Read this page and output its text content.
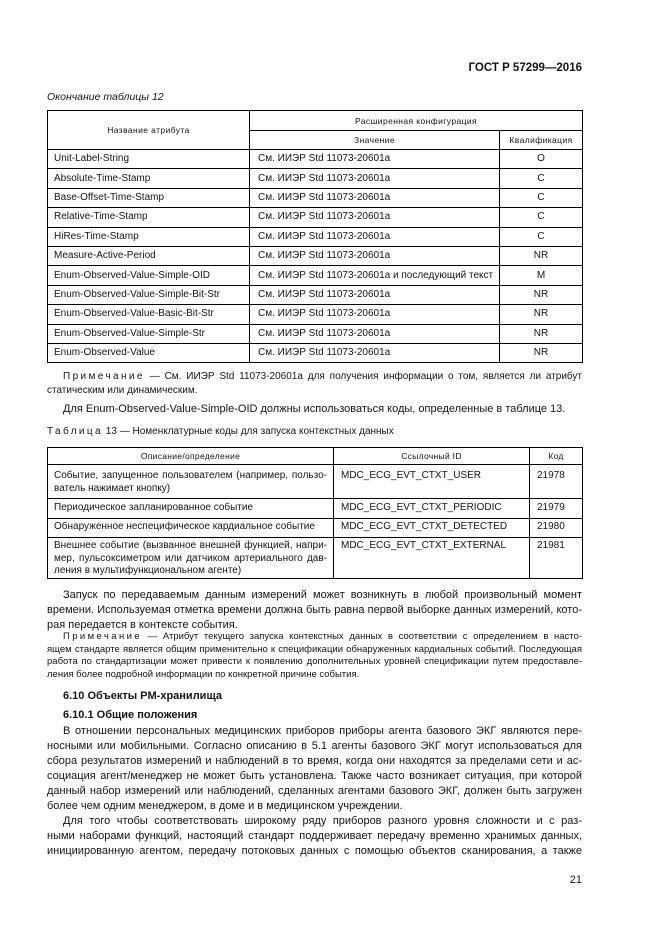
ГОСТ Р 57299—2016
Окончание таблицы 12
Название атрибута	Расширенная конфигурация	
	Значение	Квалификация
Unit-Label-String	См. ИИЭР Std 11073-20601a	O
Absolute-Time-Stamp	См. ИИЭР Std 11073-20601a	C
Base-Offset-Time-Stamp	См. ИИЭР Std 11073-20601a	C
Relative-Time-Stamp	См. ИИЭР Std 11073-20601a	C
HiRes-Time-Stamp	См. ИИЭР Std 11073-20601a	C
Measure-Active-Period	См. ИИЭР Std 11073-20601a	NR
Enum-Observed-Value-Simple-OID	См. ИИЭР Std 11073-20601a и последующий текст	M
Enum-Observed-Value-Simple-Bit-Str	См. ИИЭР Std 11073-20601a	NR
Enum-Observed-Value-Basic-Bit-Str	См. ИИЭР Std 11073-20601a	NR
Enum-Observed-Value-Simple-Str	См. ИИЭР Std 11073-20601a	NR
Enum-Observed-Value	См. ИИЭР Std 11073-20601a	NR
Примечание — См. ИИЭР Std 11073-20601a для получения информации о том, является ли атрибут
статическим или динамическим.
Для Enum-Observed-Value-Simple-OID должны использоваться коды, определенные в таблице 13.
Таблица 13 — Номенклатурные коды для запуска контекстных данных
Описание/определение	Ссылочный ID	Код

Событие, запущенное пользователем (например, пользо-
ватель нажимает кнопку)	MDC_ECG_EVT_CTXT_USER	21978

Периодическое запланированное событие	MDC_ECG_EVT_CTXT_PERIODIC	21979

Обнаруженное неспецифическое кардиальное событие	MDC_ECG_EVT_CTXT_DETECTED	21980

Внешнее событие (вызванное внешней функцией, напри-
мер, пульсоксиметром или датчиком артериального дав-
ления в мультифункциональном агенте)	MDC_ECG_EVT_CTXT_EXTERNAL	21981
Запуск по передаваемым данным измерений может возникнуть в любой произвольный момент
времени. Используемая отметка времени должна быть равна первой выборке данных измерений, кото-
рая передается в контексте события.
Примечание — Атрибут текущего запуска контекстных данных в соответствии с определением в насто-
ящем стандарте является общим применительно к спецификации обнаруженных кардиальных событий. Последующая
работа по стандартизации может привести к появлению дополнительных уровней спецификации путем предоставле-
ления более подробной информации по конкретной причине события.
6.10 Объекты PM-хранилища
6.10.1 Общие положения
В отношении персональных медицинских приборов приборы агента базового ЭКГ являются пере-
носными или мобильными. Согласно описанию в 5.1 агенты базового ЭКГ могут использоваться для
сбора результатов измерений и наблюдений в то время, когда они находятся за пределами сети и ас-
социация агент/менеджер не может быть установлена. Также часто возникает ситуация, при которой
данный набор измерений или наблюдений, сделанных агентами базового ЭКГ, должен быть загружен
более чем одним менеджером, в доме и в медицинском учреждении.
Для того чтобы соответствовать широкому ряду приборов разного уровня сложности и с раз-
ными наборами функций, настоящий стандарт поддерживает передачу временно хранимых данных,
инициированную агентом, передачу потоковых данных с помощью объектов сканирования, а также
21
